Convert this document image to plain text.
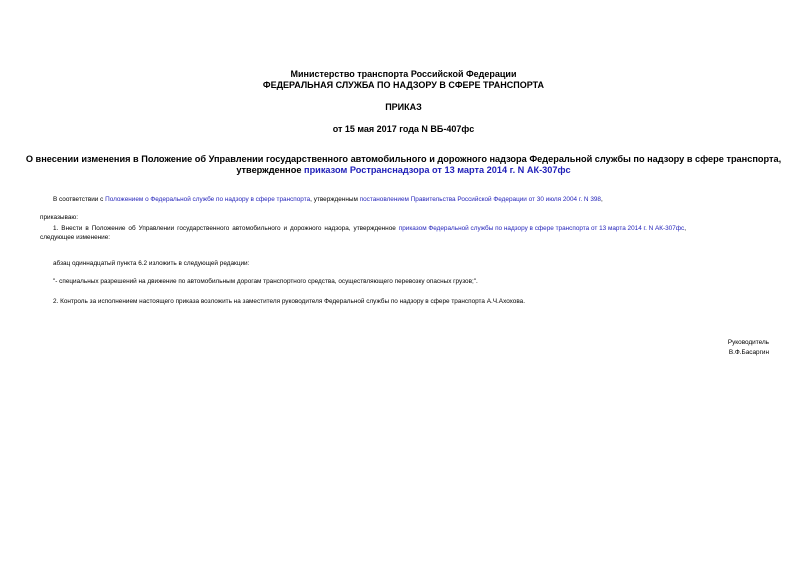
Министерство транспорта Российской Федерации
ФЕДЕРАЛЬНАЯ СЛУЖБА ПО НАДЗОРУ В СФЕРЕ ТРАНСПОРТА
ПРИКАЗ
от 15 мая 2017 года N ВБ-407фс
О внесении изменения в Положение об Управлении государственного автомобильного и дорожного надзора Федеральной службы по надзору в сфере транспорта,
утвержденное приказом Ространснадзора от 13 марта 2014 г. N АК-307фс
В соответствии с Положением о Федеральной службе по надзору в сфере транспорта, утвержденным постановлением Правительства Российской Федерации от 30 июля 2004 г. N 398,
приказываю:
1. Внести в Положение об Управлении государственного автомобильного и дорожного надзора, утвержденное приказом Федеральной службы по надзору в сфере транспорта от 13 марта 2014 г. N АК-307фс,
следующее изменение:
абзац одиннадцатый пункта 6.2 изложить в следующей редакции:
"- специальных разрешений на движение по автомобильным дорогам транспортного средства, осуществляющего перевозку опасных грузов;".
2. Контроль за исполнением настоящего приказа возложить на заместителя руководителя Федеральной службы по надзору в сфере транспорта А.Ч.Ахохова.
Руководитель
В.Ф.Басаргин
